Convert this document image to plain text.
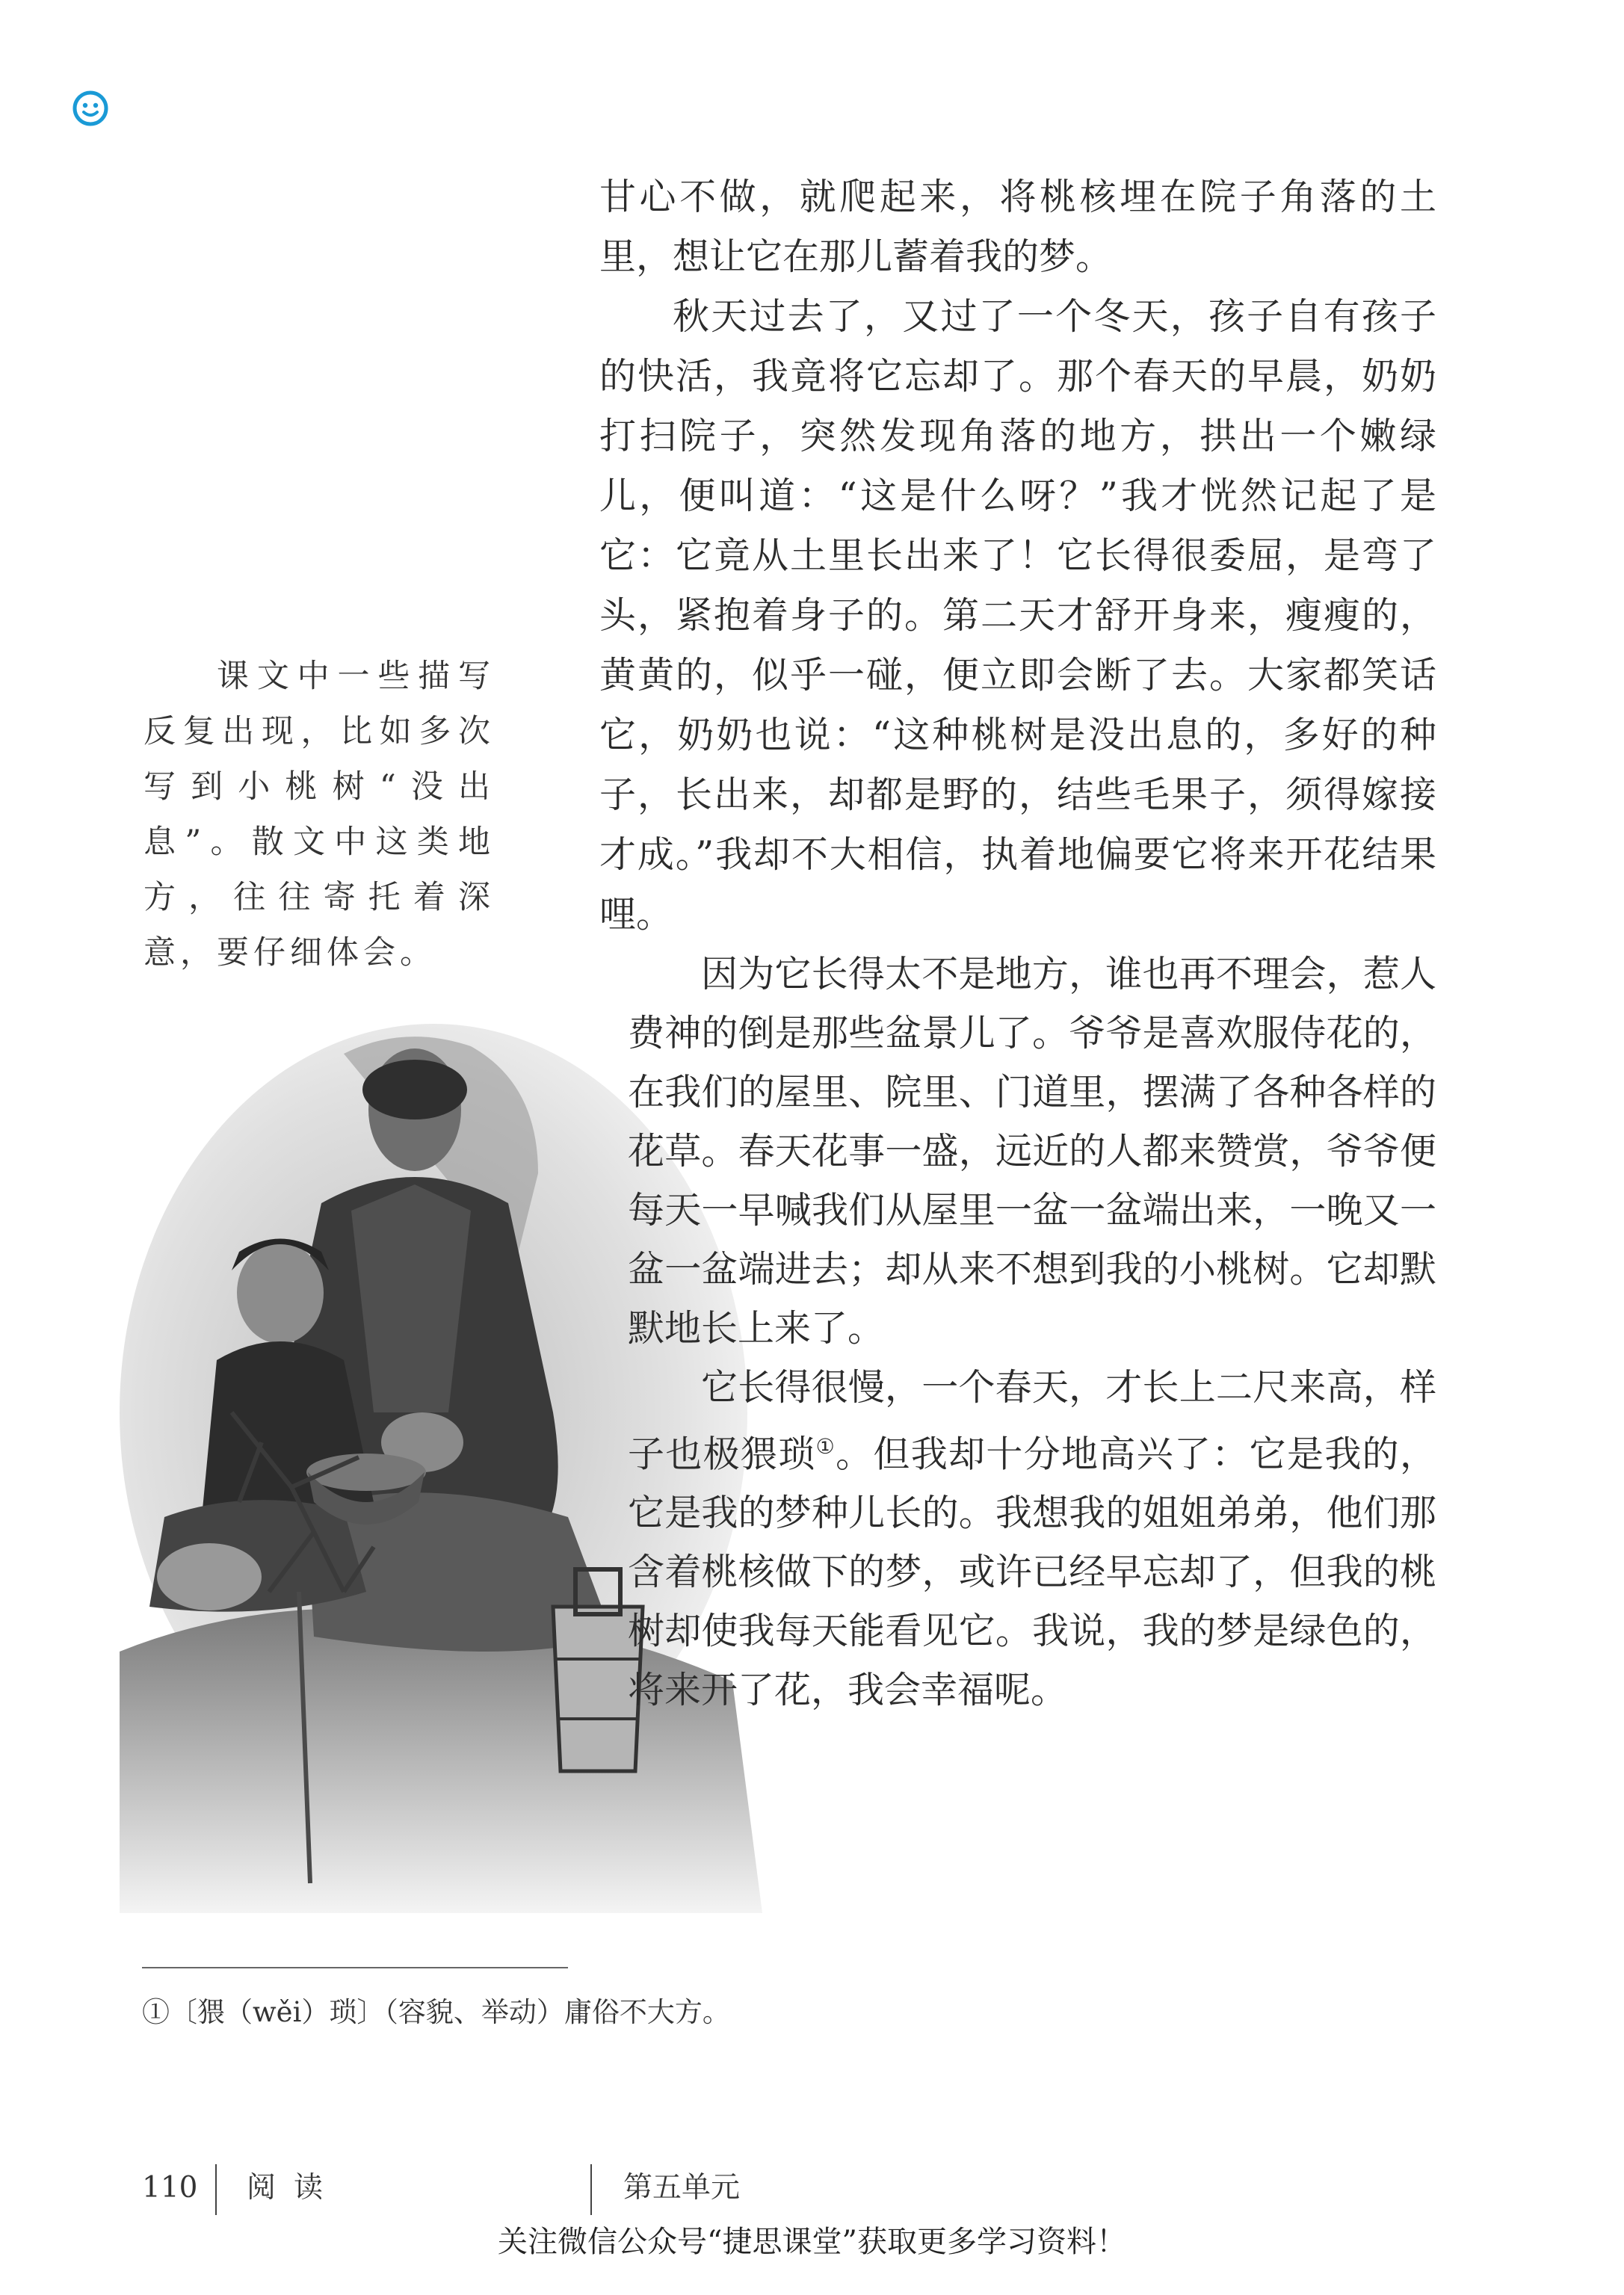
甘心不做，就爬起来，将桃核埋在院子角落的土里，想让它在那儿蓄着我的梦。

秋天过去了，又过了一个冬天，孩子自有孩子的快活，我竟将它忘却了。那个春天的早晨，奶奶打扫院子，突然发现角落的地方，拱出一个嫩绿儿，便叫道：“这是什么呀？”我才恍然记起了是它：它竟从土里长出来了！它长得很委屈，是弯了头，紧抱着身子的。第二天才舒开身来，瘦瘦的，黄黄的，似乎一碰，便立即会断了去。大家都笑话它，奶奶也说：“这种桃树是没出息的，多好的种子，长出来，却都是野的，结些毛果子，须得嫁接才成。”我却不大相信，执着地偏要它将来开花结果哩。

课文中一些描写反复出现，比如多次写到小桃树“没出息”。散文中这类地方，往往寄托着深意，要仔细体会。	因为它长得太不是地方，谁也再不理会，惹人费神的倒是那些盆景儿了。爷爷是喜欢服侍花的，在我们的屋里、院里、门道里，摆满了各种各样的花草。春天花事一盛，远近的人都来赞赏，爷爷便每天一早喊我们从屋里一盆一盆端出来，一晚又一盆一盆端进去；却从来不想到我的小桃树。它却默默地长上来了。

它长得很慢，一个春天，才长上二尺来高，样子也极猥琐①。但我却十分地高兴了：它是我的，它是我的梦种儿长的。我想我的姐姐弟弟，他们那含着桃核做下的梦，或许已经早忘却了，但我的桃树却使我每天能看见它。我说，我的梦是绿色的，将来开了花，我会幸福呢。

①〔猥（wěi）琐〕（容貌、举动）庸俗不大方。
110 阅读	第五单元
关注微信公众号“捷思课堂”获取更多学习资料！
